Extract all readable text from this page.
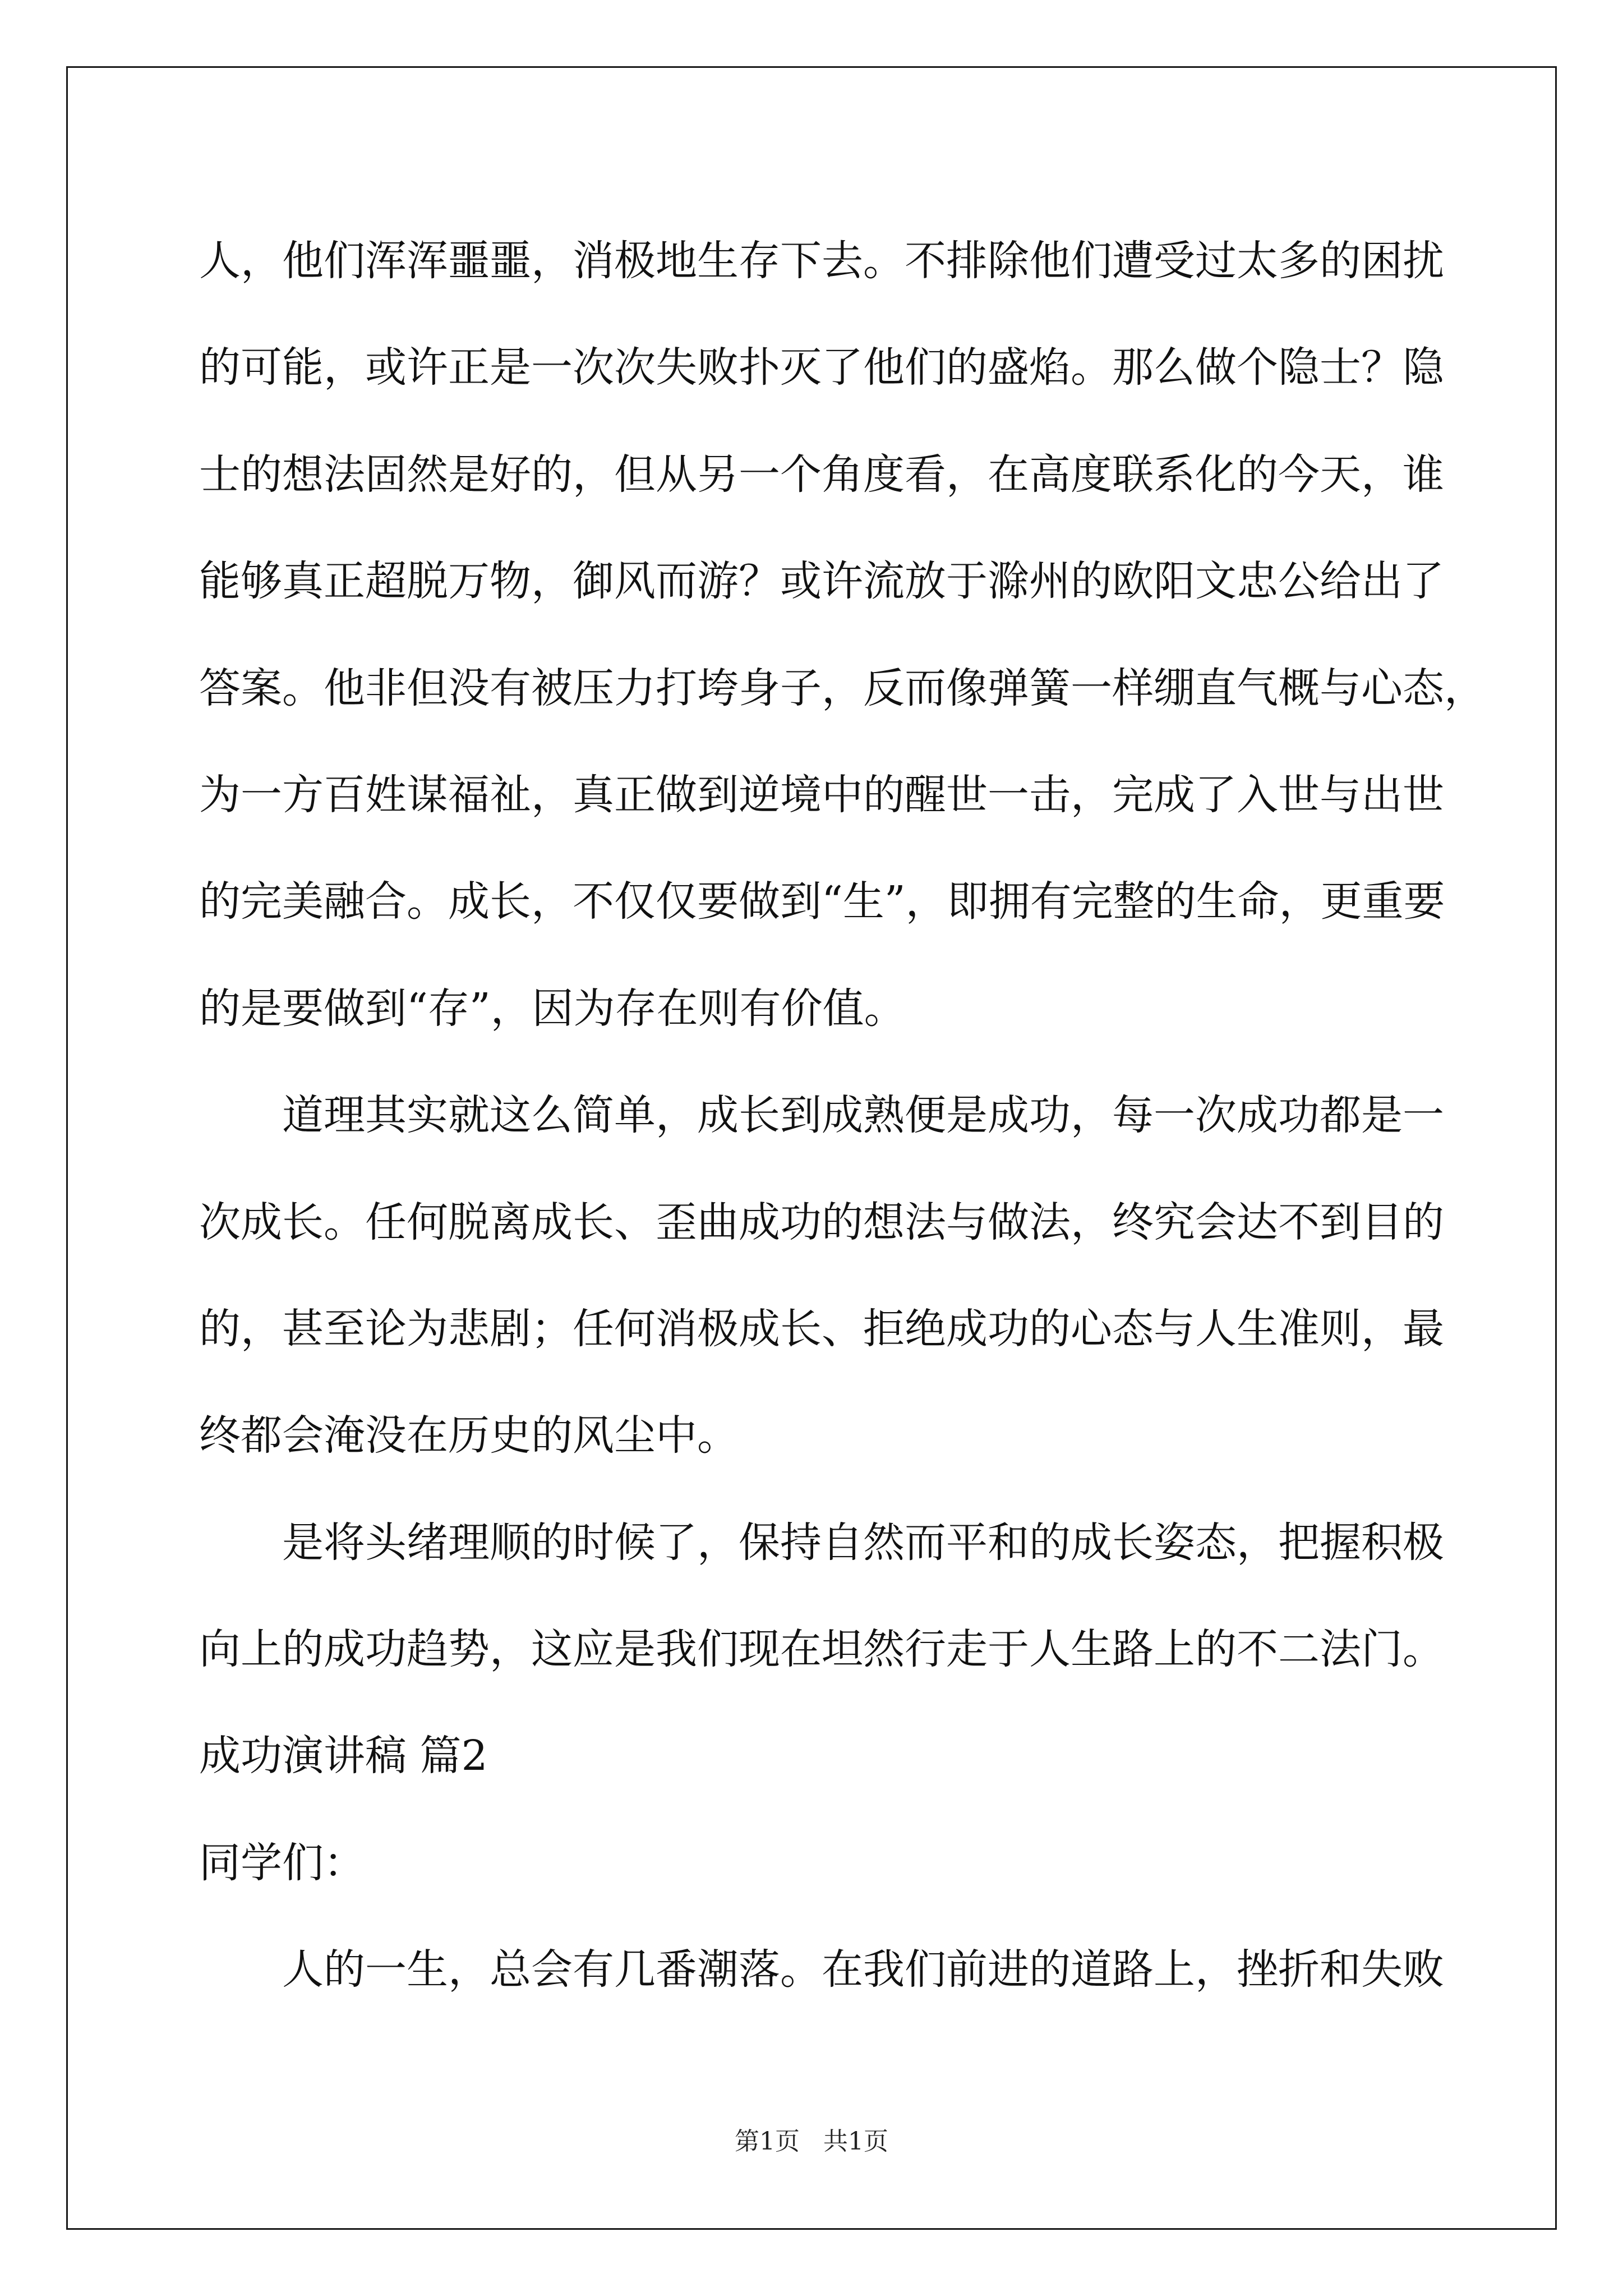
人，他们浑浑噩噩，消极地生存下去。不排除他们遭受过太多的困扰
的可能，或许正是一次次失败扑灭了他们的盛焰。那么做个隐士？隐
士的想法固然是好的，但从另一个角度看，在高度联系化的今天，谁
能够真正超脱万物，御风而游？或许流放于滁州的欧阳文忠公给出了
答案。他非但没有被压力打垮身子，反而像弹簧一样绷直气概与心态，
为一方百姓谋福祉，真正做到逆境中的醒世一击，完成了入世与出世
的完美融合。成长，不仅仅要做到“生”，即拥有完整的生命，更重要
的是要做到“存”，因为存在则有价值。
道理其实就这么简单，成长到成熟便是成功，每一次成功都是一
次成长。任何脱离成长、歪曲成功的想法与做法，终究会达不到目的
的，甚至论为悲剧；任何消极成长、拒绝成功的心态与人生准则，最
终都会淹没在历史的风尘中。
是将头绪理顺的时候了，保持自然而平和的成长姿态，把握积极
向上的成功趋势，这应是我们现在坦然行走于人生路上的不二法门。
成功演讲稿 篇2
同学们：
人的一生，总会有几番潮落。在我们前进的道路上，挫折和失败
第1页 共1页
